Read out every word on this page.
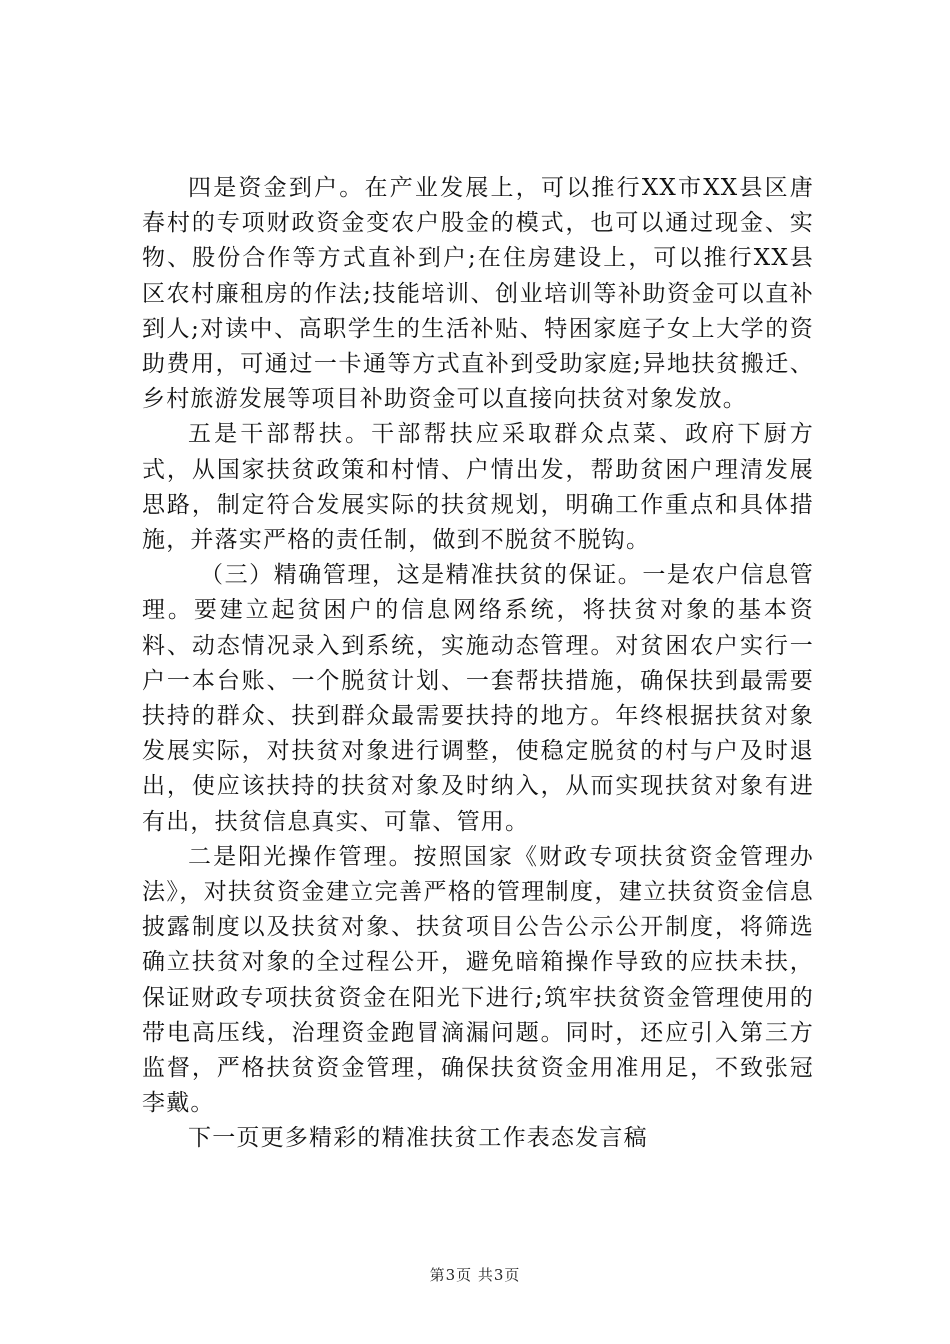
四是资金到户。在产业发展上，可以推行XX市XX县区唐春村的专项财政资金变农户股金的模式，也可以通过现金、实物、股份合作等方式直补到户;在住房建设上，可以推行XX县区农村廉租房的作法;技能培训、创业培训等补助资金可以直补到人;对读中、高职学生的生活补贴、特困家庭子女上大学的资助费用，可通过一卡通等方式直补到受助家庭;异地扶贫搬迁、乡村旅游发展等项目补助资金可以直接向扶贫对象发放。

五是干部帮扶。干部帮扶应采取群众点菜、政府下厨方式，从国家扶贫政策和村情、户情出发，帮助贫困户理清发展思路，制定符合发展实际的扶贫规划，明确工作重点和具体措施，并落实严格的责任制，做到不脱贫不脱钩。

（三）精确管理，这是精准扶贫的保证。一是农户信息管理。要建立起贫困户的信息网络系统，将扶贫对象的基本资料、动态情况录入到系统，实施动态管理。对贫困农户实行一户一本台账、一个脱贫计划、一套帮扶措施，确保扶到最需要扶持的群众、扶到群众最需要扶持的地方。年终根据扶贫对象发展实际，对扶贫对象进行调整，使稳定脱贫的村与户及时退出，使应该扶持的扶贫对象及时纳入，从而实现扶贫对象有进有出，扶贫信息真实、可靠、管用。

二是阳光操作管理。按照国家《财政专项扶贫资金管理办法》，对扶贫资金建立完善严格的管理制度，建立扶贫资金信息披露制度以及扶贫对象、扶贫项目公告公示公开制度，将筛选确立扶贫对象的全过程公开，避免暗箱操作导致的应扶未扶，保证财政专项扶贫资金在阳光下进行;筑牢扶贫资金管理使用的带电高压线，治理资金跑冒滴漏问题。同时，还应引入第三方监督，严格扶贫资金管理，确保扶贫资金用准用足，不致张冠李戴。

下一页更多精彩的精准扶贫工作表态发言稿

第3页 共3页
